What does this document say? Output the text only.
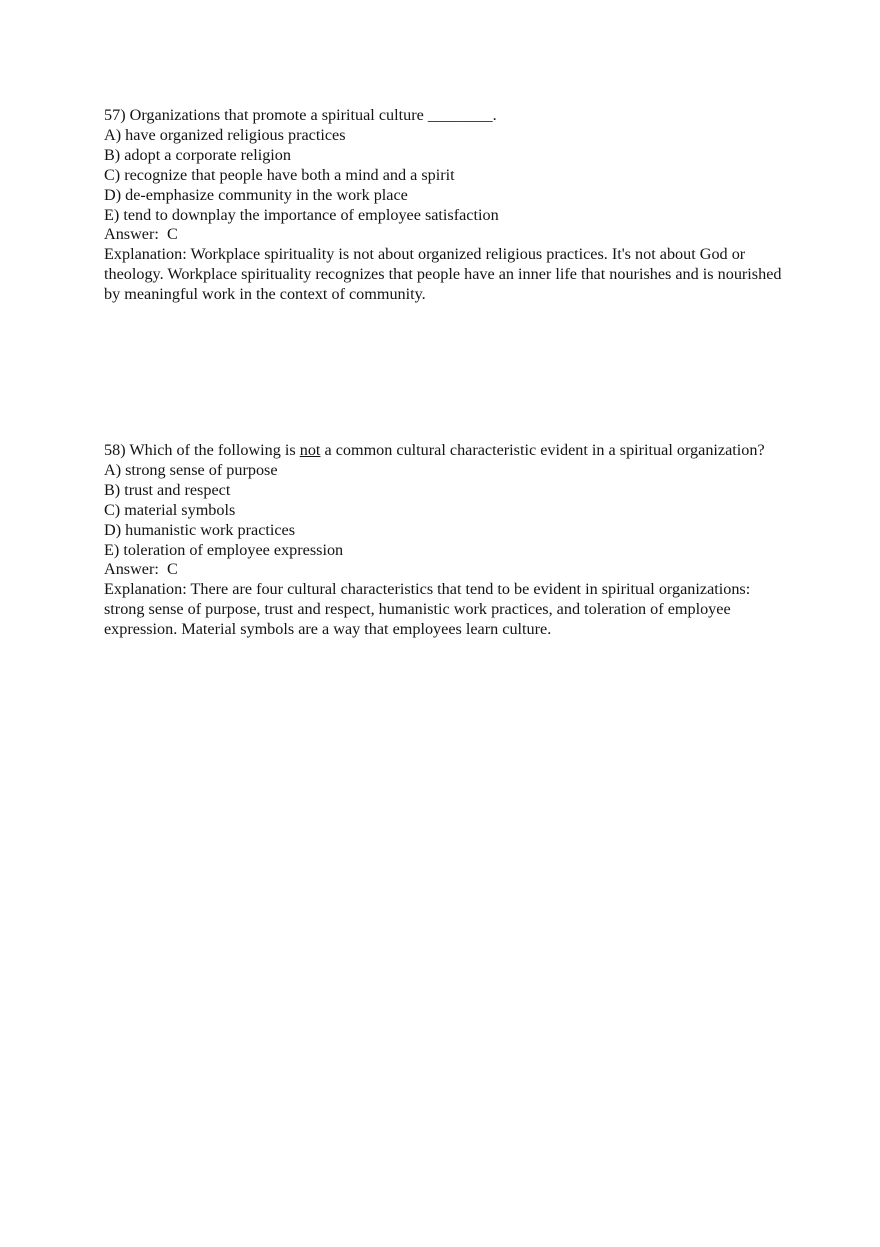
57) Organizations that promote a spiritual culture ________.
A) have organized religious practices
B) adopt a corporate religion
C) recognize that people have both a mind and a spirit
D) de-emphasize community in the work place
E) tend to downplay the importance of employee satisfaction
Answer:  C
Explanation: Workplace spirituality is not about organized religious practices. It's not about God or theology. Workplace spirituality recognizes that people have an inner life that nourishes and is nourished by meaningful work in the context of community.
58) Which of the following is not a common cultural characteristic evident in a spiritual organization?
A) strong sense of purpose
B) trust and respect
C) material symbols
D) humanistic work practices
E) toleration of employee expression
Answer:  C
Explanation: There are four cultural characteristics that tend to be evident in spiritual organizations: strong sense of purpose, trust and respect, humanistic work practices, and toleration of employee expression. Material symbols are a way that employees learn culture.
